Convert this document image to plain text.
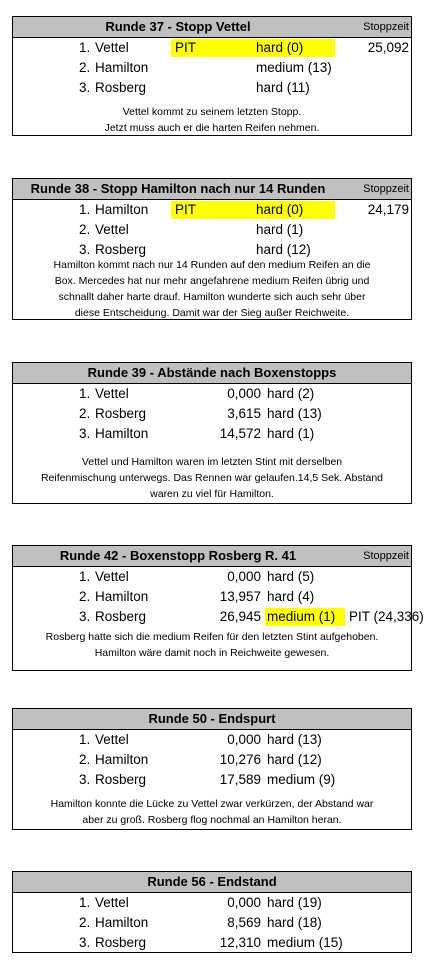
Runde 37 - Stopp Vettel	Stoppzeit
1. Vettel	PIT	hard (0)	25,092
2. Hamilton	medium (13)
3. Rosberg	hard (11)
Vettel kommt zu seinem letzten Stopp.
Jetzt muss auch er die harten Reifen nehmen.
Runde 38 - Stopp Hamilton nach nur 14 Runden	Stoppzeit
1. Hamilton PIT	hard (0)	24,179
2. Vettel	hard (1)
3. Rosberg	hard (12)
Hamilton kommt nach nur 14 Runden auf den medium Reifen an die
Box. Mercedes hat nur mehr angefahrene medium Reifen übrig und
schnallt daher harte drauf. Hamilton wunderte sich auch sehr über
diese Entscheidung. Damit war der Sieg außer Reichweite.
Runde 39 - Abstände nach Boxenstopps
1. Vettel	0,000 hard (2)
2. Rosberg	3,615 hard (13)
3. Hamilton	14,572 hard (1)
Vettel und Hamilton waren im letzten Stint mit derselben
Reifenmischung unterwegs. Das Rennen war gelaufen.14,5 Sek. Abstand
waren zu viel für Hamilton.
Runde 42 - Boxenstopp Rosberg R. 41	Stoppzeit
1. Vettel	0,000 hard (5)
2. Hamilton	13,957 hard (4)
3. Rosberg	26,945 medium (1)	PIT (24,336)
Rosberg hatte sich die medium Reifen für den letzten Stint aufgehoben.
Hamilton wäre damit noch in Reichweite gewesen.
Runde 50 - Endspurt
1. Vettel	0,000 hard (13)
2. Hamilton	10,276 hard (12)
3. Rosberg	17,589 medium (9)
Hamilton konnte die Lücke zu Vettel zwar verkürzen, der Abstand war
aber zu groß. Rosberg flog nochmal an Hamilton heran.
Runde 56 - Endstand
1. Vettel	0,000 hard (19)
2. Hamilton	8,569 hard (18)
3. Rosberg	12,310 medium (15)
